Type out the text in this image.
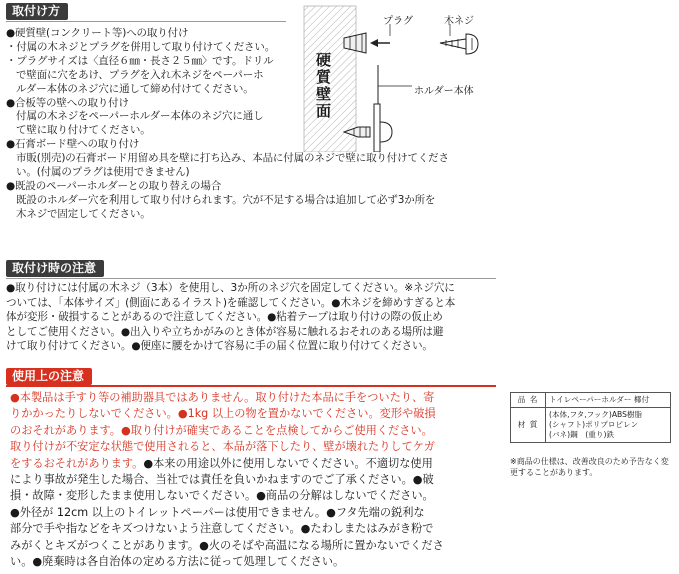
取付け方

●硬質壁(コンクリート等)への取り付け

・付属の木ネジとプラグを併用して取り付けてください。

・プラグサイズは〈直径６㎜・長さ２５㎜〉です。ドリル

で壁面に穴をあけ、プラグを入れ木ネジをペーパーホ

ルダー本体のネジ穴に通して締め付けてください。

●合板等の壁への取り付け

付属の木ネジをペーパーホルダー本体のネジ穴に通し

て壁に取り付けてください。

●石膏ボード壁への取り付け

市販(別売)の石膏ボード用留め具を壁に打ち込み、本品に付属のネジで壁に取り付けてくださ

い。(付属のプラグは使用できません)

●既設のペーパーホルダーとの取り替えの場合

既設のホルダー穴を利用して取り付けられます。穴が不足する場合は追加して必ず3か所を

木ネジで固定してください。

プラグ	木ネジ
ホルダー本体
硬質壁面
取付け時の注意

●取り付けには付属の木ネジ（3本）を使用し、3か所のネジ穴を固定してください。※ネジ穴に

ついては、「本体サイズ」(側面にあるイラスト)を確認してください。●木ネジを締めすぎると本

体が変形・破損することがあるので注意してください。●粘着テープは取り付けの際の仮止め

としてご使用ください。●出入りや立ちかがみのとき体が容易に触れるおそれのある場所は避

けて取り付けてください。●便座に腰をかけて容易に手の届く位置に取り付けてください。

使用上の注意

●本製品は手すり等の補助器具ではありません。取り付けた本品に手をついたり、寄

りかかったりしないでください。●1kg 以上の物を置かないでください。変形や破損

のおそれがあります。●取り付けが確実であることを点検してからご使用ください。

取り付けが不安定な状態で使用されると、本品が落下したり、壁が壊れたりしてケガ

をするおそれがあります。●本来の用途以外に使用しないでください。不適切な使用

により事故が発生した場合、当社では責任を負いかねますのでご了承ください。●破

損・故障・変形したまま使用しないでください。●商品の分解はしないでください。

●外径が 12cm 以上のトイレットペーパーは使用できません。●フタ先端の鋭利な

部分で手や指などをキズつけないよう注意してください。●たわしまたはみがき粉で

みがくとキズがつくことがあります。●火のそばや高温になる場所に置かないでくださ

い。●廃棄時は各自治体の定める方法に従って処理してください。

品 名	トイレペーパーホルダー 椰付
材 質	(本体,フタ,フック)ABS樹脂
(シャフト)ポリプロピレン
(バネ)鋼　(重り)鉄
※商品の仕様は、改善改良のため予告なく変更することがあります。
